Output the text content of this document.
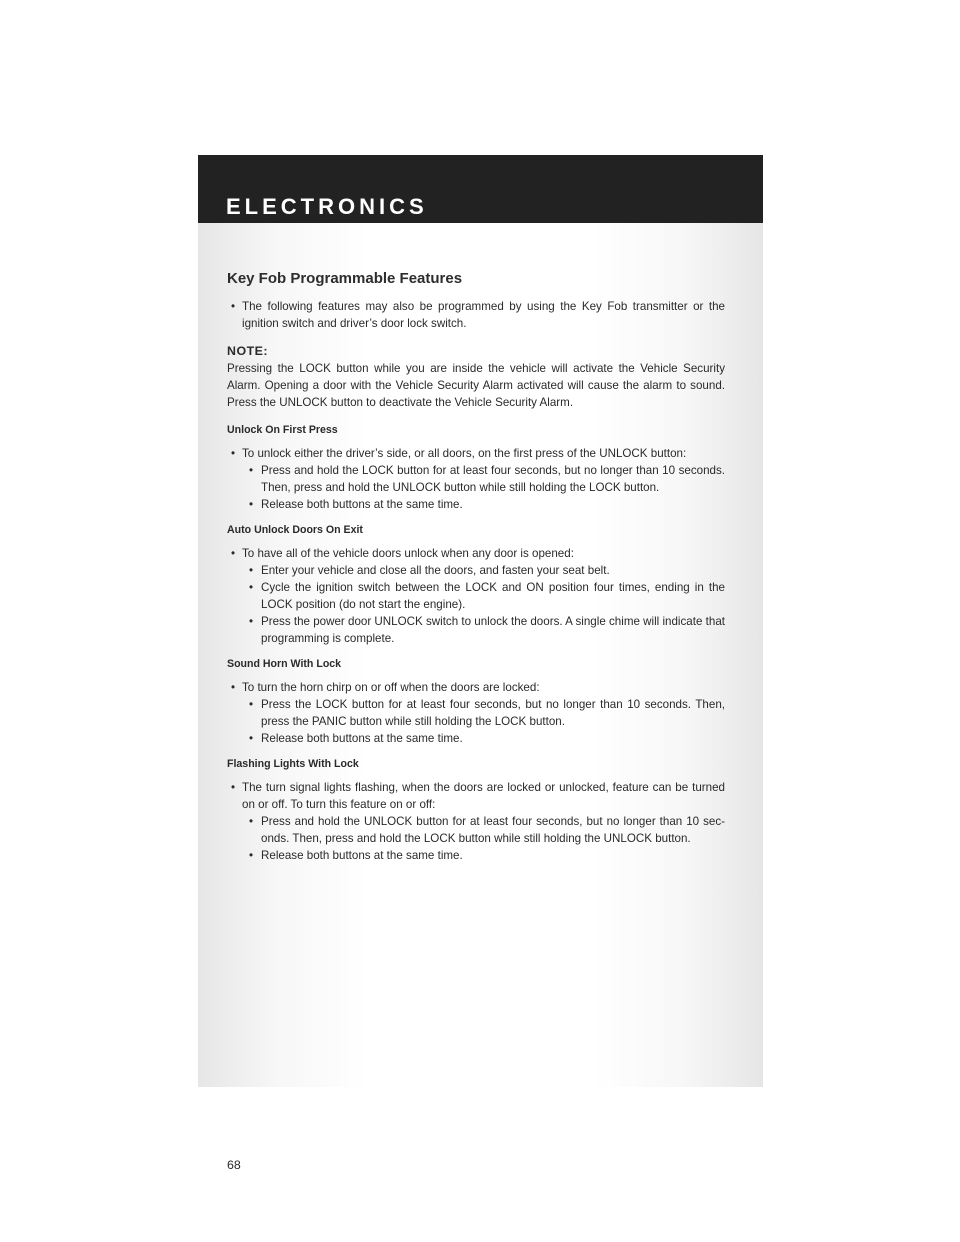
ELECTRONICS
Key Fob Programmable Features

• The following features may also be programmed by using the Key Fob transmitter or the ignition switch and driver’s door lock switch.

NOTE:

Pressing the LOCK button while you are inside the vehicle will activate the Vehicle Security Alarm. Opening a door with the Vehicle Security Alarm activated will cause the alarm to sound. Press the UNLOCK button to deactivate the Vehicle Security Alarm.

Unlock On First Press

• To unlock either the driver’s side, or all doors, on the first press of the UNLOCK button:

• Press and hold the LOCK button for at least four seconds, but no longer than 10 seconds. Then, press and hold the UNLOCK button while still holding the LOCK button.

• Release both buttons at the same time.

Auto Unlock Doors On Exit

• To have all of the vehicle doors unlock when any door is opened:

• Enter your vehicle and close all the doors, and fasten your seat belt.

• Cycle the ignition switch between the LOCK and ON position four times, ending in the LOCK position (do not start the engine).

• Press the power door UNLOCK switch to unlock the doors. A single chime will indicate that programming is complete.

Sound Horn With Lock

• To turn the horn chirp on or off when the doors are locked:

• Press the LOCK button for at least four seconds, but no longer than 10 seconds. Then, press the PANIC button while still holding the LOCK button.

• Release both buttons at the same time.

Flashing Lights With Lock

• The turn signal lights flashing, when the doors are locked or unlocked, feature can be turned on or off. To turn this feature on or off:

• Press and hold the UNLOCK button for at least four seconds, but no longer than 10 sec- onds. Then, press and hold the LOCK button while still holding the UNLOCK button.

• Release both buttons at the same time.

68
